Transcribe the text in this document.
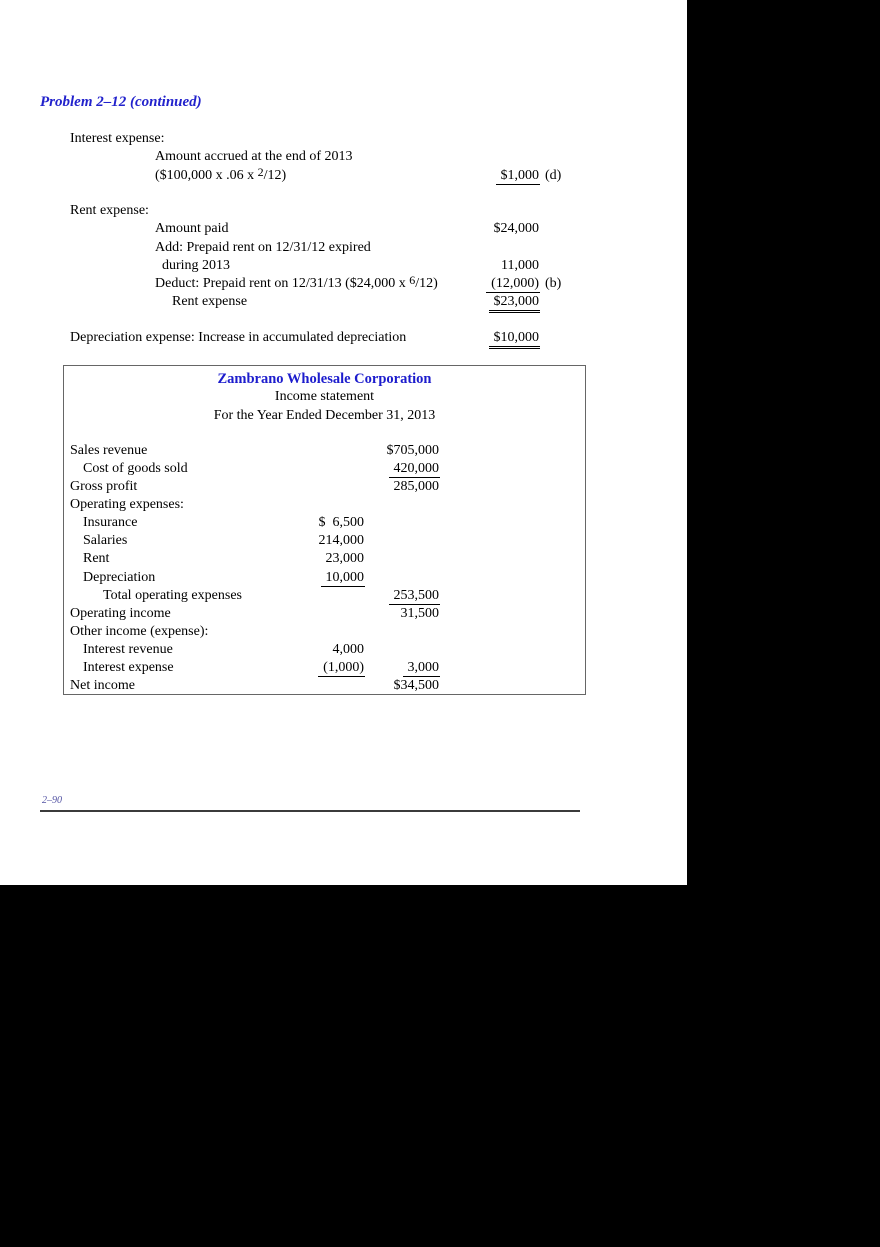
Problem 2–12 (continued)
Interest expense:
Amount accrued at the end of 2013
($100,000 x .06 x $^2$/12)	$1,000 (d)
Rent expense:
Amount paid	$24,000
Add: Prepaid rent on 12/31/12 expired
during 2013	11,000
Deduct: Prepaid rent on 12/31/13 ($24,000 x $^6$/12)	(12,000) (b)
Rent expense	$23,000
Depreciation expense: Increase in accumulated depreciation	$10,000
Zambrano Wholesale Corporation
Income statement
For the Year Ended December 31, 2013
Sales revenue	$705,000
Cost of goods sold	420,000
Gross profit	285,000
Operating expenses:
Insurance	$  6,500
Salaries	214,000
Rent	23,000
Depreciation	10,000
Total operating expenses	253,500
Operating income	31,500
Other income (expense):
Interest revenue	4,000
Interest expense	(1,000)	3,000
Net income	$34,500
2–90
